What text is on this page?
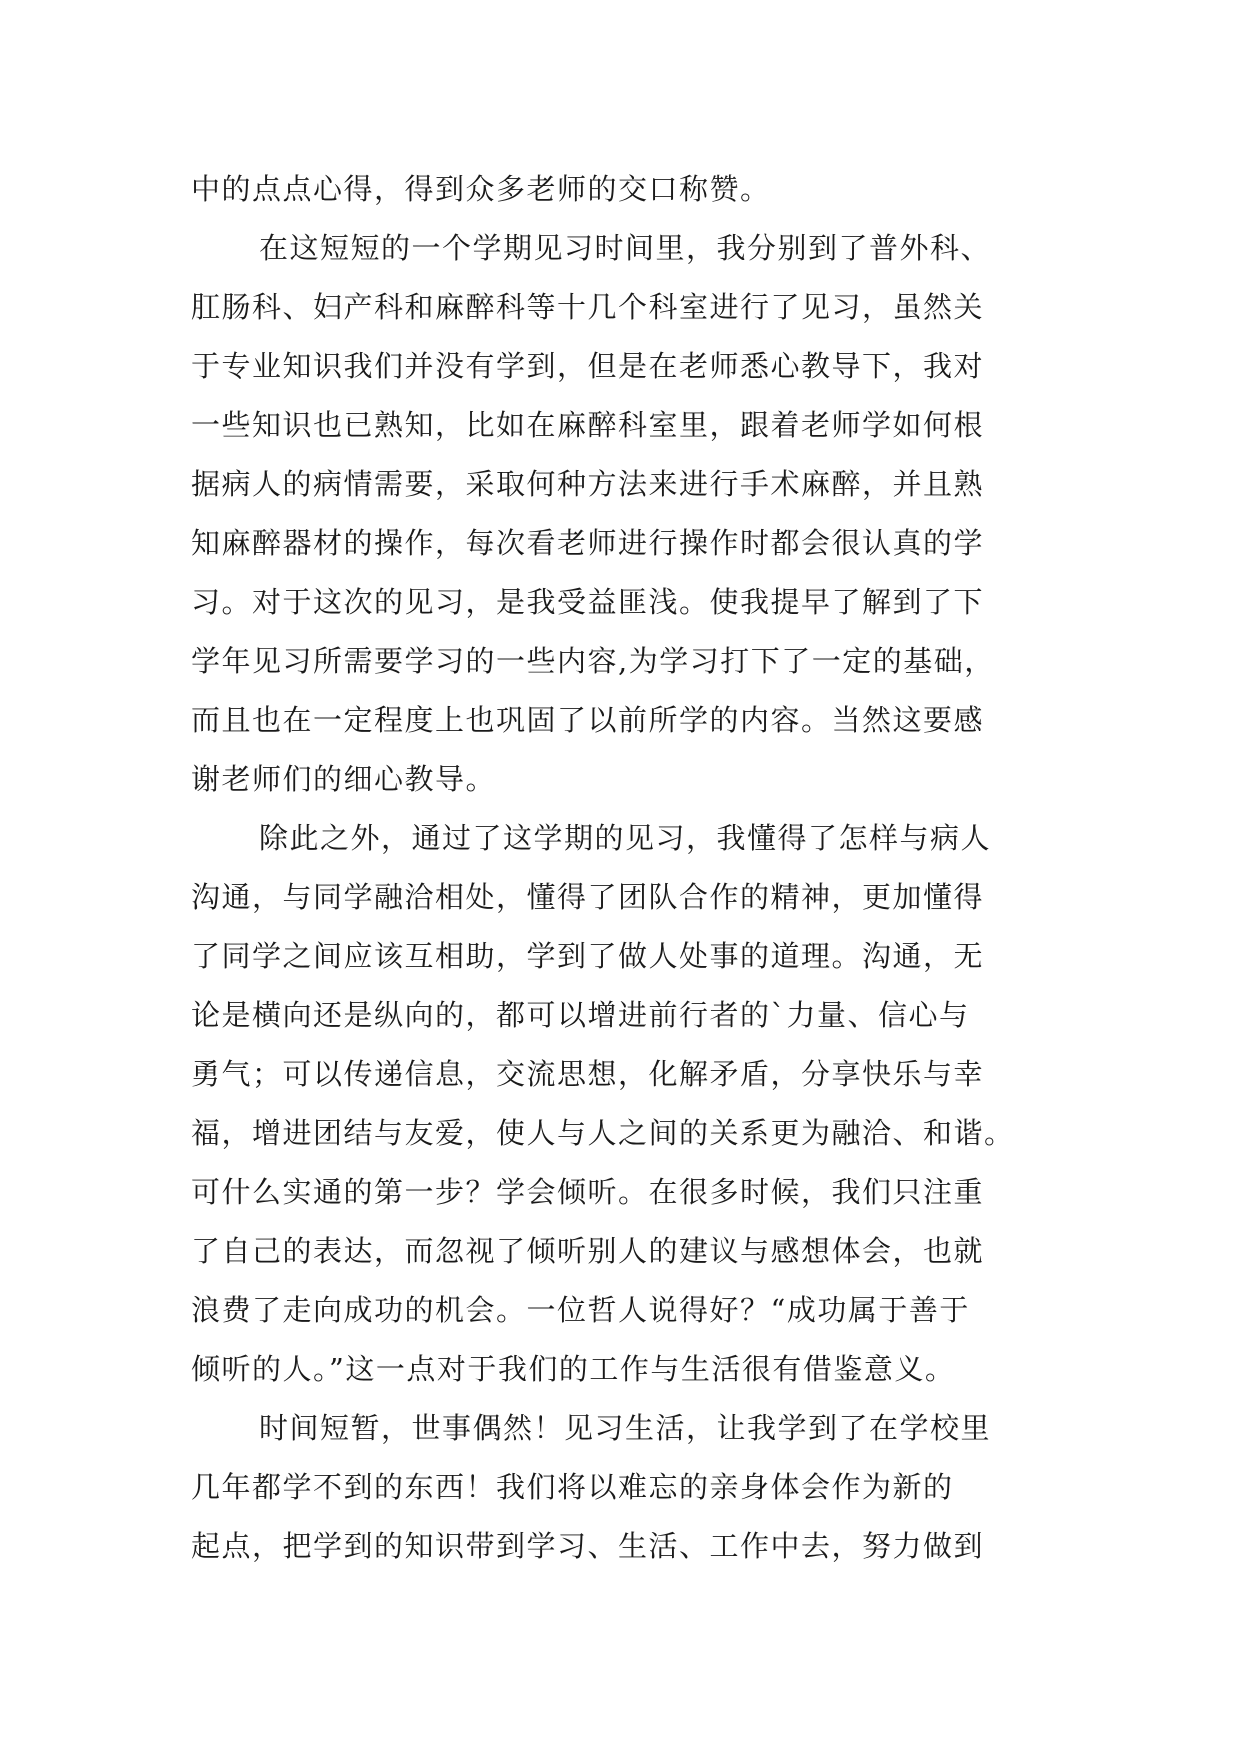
中的点点心得，得到众多老师的交口称赞。
在这短短的一个学期见习时间里，我分别到了普外科、
肛肠科、妇产科和麻醉科等十几个科室进行了见习，虽然关
于专业知识我们并没有学到，但是在老师悉心教导下，我对
一些知识也已熟知，比如在麻醉科室里，跟着老师学如何根
据病人的病情需要，采取何种方法来进行手术麻醉，并且熟
知麻醉器材的操作，每次看老师进行操作时都会很认真的学
习。对于这次的见习，是我受益匪浅。使我提早了解到了下
学年见习所需要学习的一些内容,为学习打下了一定的基础，
而且也在一定程度上也巩固了以前所学的内容。当然这要感
谢老师们的细心教导。
除此之外，通过了这学期的见习，我懂得了怎样与病人
沟通，与同学融洽相处，懂得了团队合作的精神，更加懂得
了同学之间应该互相助，学到了做人处事的道理。沟通，无
论是横向还是纵向的，都可以增进前行者的`力量、信心与
勇气；可以传递信息，交流思想，化解矛盾，分享快乐与幸
福，增进团结与友爱，使人与人之间的关系更为融洽、和谐。
可什么实通的第一步？学会倾听。在很多时候，我们只注重
了自己的表达，而忽视了倾听别人的建议与感想体会，也就
浪费了走向成功的机会。一位哲人说得好？“成功属于善于
倾听的人。”这一点对于我们的工作与生活很有借鉴意义。
时间短暂，世事偶然！见习生活，让我学到了在学校里
几年都学不到的东西！我们将以难忘的亲身体会作为新的
起点，把学到的知识带到学习、生活、工作中去，努力做到
